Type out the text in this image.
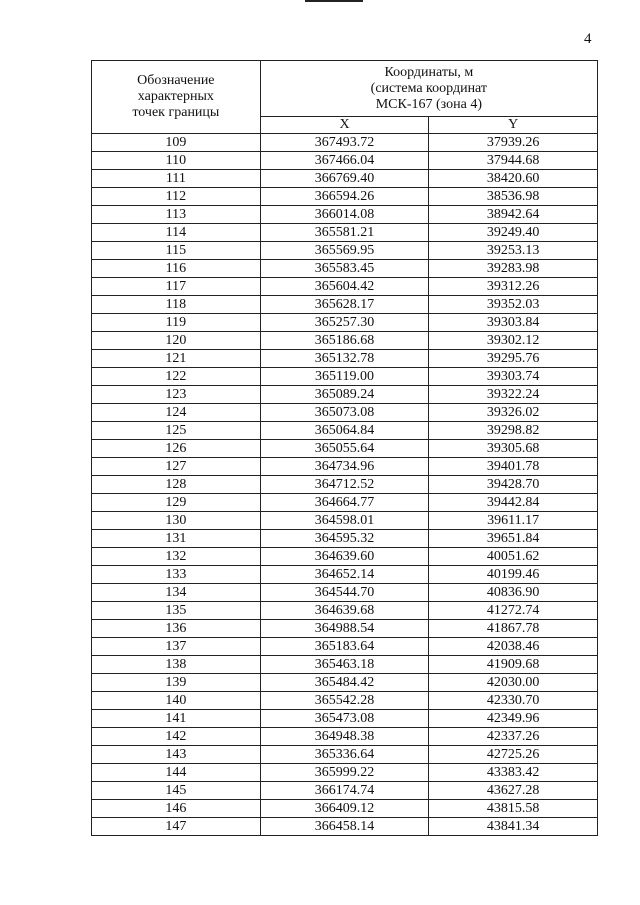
4
Обозначение
характерных
точек границы	Координаты, м
(система координат
МСК-167 (зона 4)	

	X	Y
109	367493.72	37939.26
110	367466.04	37944.68
111	366769.40	38420.60
112	366594.26	38536.98
113	366014.08	38942.64
114	365581.21	39249.40
115	365569.95	39253.13
116	365583.45	39283.98
117	365604.42	39312.26
118	365628.17	39352.03
119	365257.30	39303.84
120	365186.68	39302.12
121	365132.78	39295.76
122	365119.00	39303.74
123	365089.24	39322.24
124	365073.08	39326.02
125	365064.84	39298.82
126	365055.64	39305.68
127	364734.96	39401.78
128	364712.52	39428.70
129	364664.77	39442.84
130	364598.01	39611.17
131	364595.32	39651.84
132	364639.60	40051.62
133	364652.14	40199.46
134	364544.70	40836.90
135	364639.68	41272.74
136	364988.54	41867.78
137	365183.64	42038.46
138	365463.18	41909.68
139	365484.42	42030.00
140	365542.28	42330.70
141	365473.08	42349.96
142	364948.38	42337.26
143	365336.64	42725.26
144	365999.22	43383.42
145	366174.74	43627.28
146	366409.12	43815.58
147	366458.14	43841.34
